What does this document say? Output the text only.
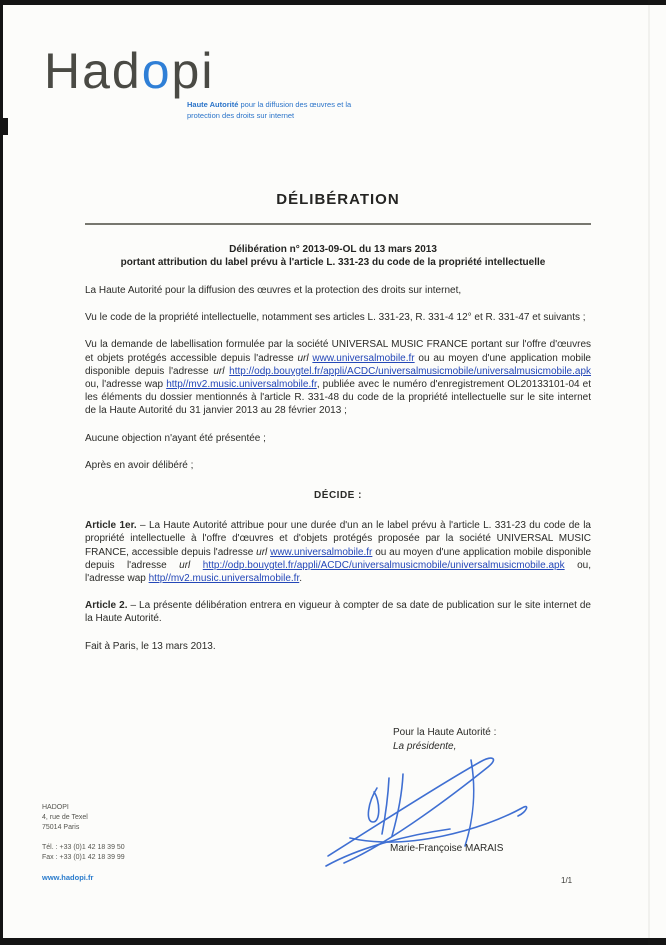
Hadopi
Haute Autorité pour la diffusion des œuvres et la protection des droits sur internet
DÉLIBÉRATION
Délibération n° 2013-09-OL du 13 mars 2013
portant attribution du label prévu à l'article L. 331-23 du code de la propriété intellectuelle

La Haute Autorité pour la diffusion des œuvres et la protection des droits sur internet,

Vu le code de la propriété intellectuelle, notamment ses articles L. 331-23, R. 331-4 12° et R. 331-47 et suivants ;

Vu la demande de labellisation formulée par la société UNIVERSAL MUSIC FRANCE portant sur l'offre d'œuvres et objets protégés accessible depuis l'adresse url www.universalmobile.fr ou au moyen d'une application mobile disponible depuis l'adresse url http://odp.bouygtel.fr/appli/ACDC/universalmusicmobile/universalmusicmobile.apk ou, l'adresse wap http//mv2.music.universalmobile.fr, publiée avec le numéro d'enregistrement OL20133101-04 et les éléments du dossier mentionnés à l'article R. 331-48 du code de la propriété intellectuelle sur le site internet de la Haute Autorité du 31 janvier 2013 au 28 février 2013 ;

Aucune objection n'ayant été présentée ;

Après en avoir délibéré ;

DÉCIDE :

Article 1er. – La Haute Autorité attribue pour une durée d'un an le label prévu à l'article L. 331-23 du code de la propriété intellectuelle à l'offre d'œuvres et d'objets protégés proposée par la société UNIVERSAL MUSIC FRANCE, accessible depuis l'adresse url www.universalmobile.fr ou au moyen d'une application mobile disponible depuis l'adresse url http://odp.bouygtel.fr/appli/ACDC/universalmusicmobile/universalmusicmobile.apk ou, l'adresse wap http//mv2.music.universalmobile.fr.

Article 2. – La présente délibération entrera en vigueur à compter de sa date de publication sur le site internet de la Haute Autorité.

Fait à Paris, le 13 mars 2013.

Pour la Haute Autorité :
La présidente,
Marie-Françoise MARAIS
HADOPI
4, rue de Texel
75014 Paris
Tél. : +33 (0)1 42 18 39 50
Fax : +33 (0)1 42 18 39 99
www.hadopi.fr	1/1
